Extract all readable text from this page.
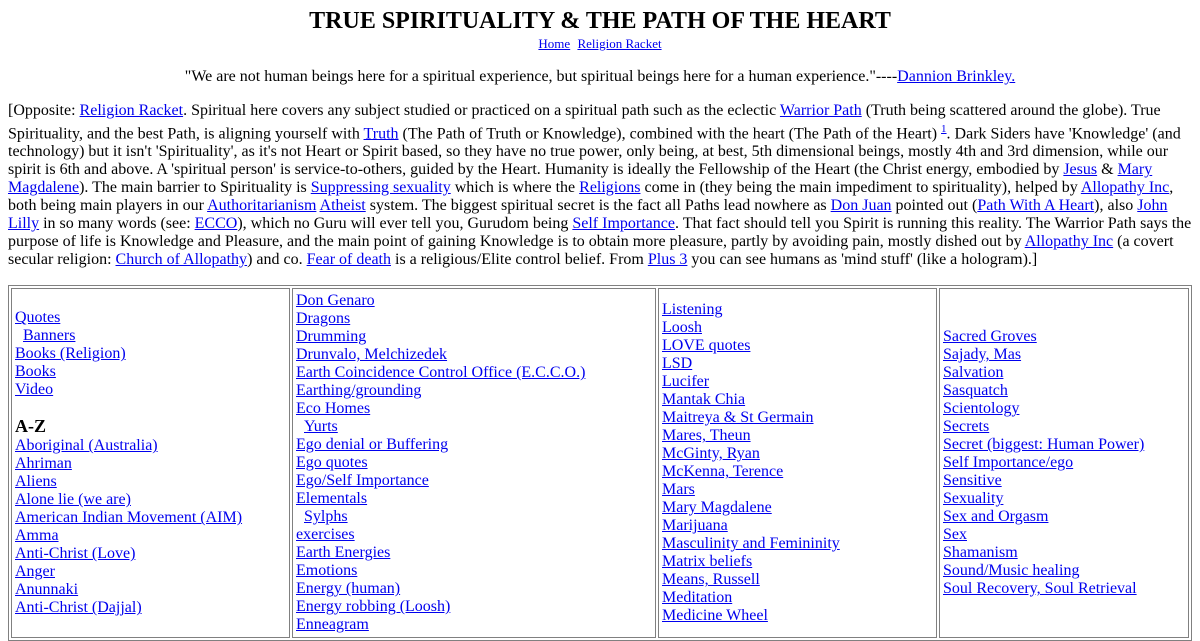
TRUE SPIRITUALITY & THE PATH OF THE HEART
Home Religion Racket

"We are not human beings here for a spiritual experience, but spiritual beings here for a human experience."----Dannion Brinkley.

[Opposite: Religion Racket. Spiritual here covers any subject studied or practiced on a spiritual path such as the eclectic Warrior Path (Truth being scattered around the globe). True Spirituality, and the best Path, is aligning yourself with Truth (The Path of Truth or Knowledge), combined with the heart (The Path of the Heart) $^1$. Dark Siders have 'Knowledge' (and technology) but it isn't 'Spirituality', as it's not Heart or Spirit based, so they have no true power, only being, at best, 5th dimensional beings, mostly 4th and 3rd dimension, while our spirit is 6th and above. A 'spiritual person' is service-to-others, guided by the Heart. Humanity is ideally the Fellowship of the Heart (the Christ energy, embodied by Jesus & Mary Magdalene). The main barrier to Spirituality is Suppressing sexuality which is where the Religions come in (they being the main impediment to spirituality), helped by Allopathy Inc, both being main players in our Authoritarianism Atheist system. The biggest spiritual secret is the fact all Paths lead nowhere as Don Juan pointed out (Path With A Heart), also John Lilly in so many words (see: ECCO), which no Guru will ever tell you, Gurudom being Self Importance. That fact should tell you Spirit is running this reality. The Warrior Path says the purpose of life is Knowledge and Pleasure, and the main point of gaining Knowledge is to obtain more pleasure, partly by avoiding pain, mostly dished out by Allopathy Inc (a covert secular religion: Church of Allopathy) and co. Fear of death is a religious/Elite control belief. From Plus 3 you can see humans as 'mind stuff' (like a hologram).]

Quotes
Banners
Books (Religion)
Books
Video
A-Z
Aboriginal (Australia)
Ahriman
Aliens
Alone lie (we are)
American Indian Movement (AIM)
Amma
Anti-Christ (Love)
Anger
Anunnaki
Anti-Christ (Dajjal)

Don Genaro
Dragons
Drumming
Drunvalo, Melchizedek
Earth Coincidence Control Office (E.C.C.O.)
Earthing/grounding
Eco Homes
Yurts
Ego denial or Buffering
Ego quotes
Ego/Self Importance
Elementals
Sylphs
exercises
Earth Energies
Emotions
Energy (human)
Energy robbing (Loosh)
Enneagram

Listening
Loosh
LOVE quotes
LSD
Lucifer
Mantak Chia
Maitreya & St Germain
Mares, Theun
McGinty, Ryan
McKenna, Terence
Mars
Mary Magdalene
Marijuana
Masculinity and Femininity
Matrix beliefs
Means, Russell
Meditation
Medicine Wheel

Sacred Groves
Sajady, Mas
Salvation
Sasquatch
Scientology
Secrets
Secret (biggest: Human Power)
Self Importance/ego
Sensitive
Sexuality
Sex and Orgasm
Sex
Shamanism
Sound/Music healing
Soul Recovery, Soul Retrieval
